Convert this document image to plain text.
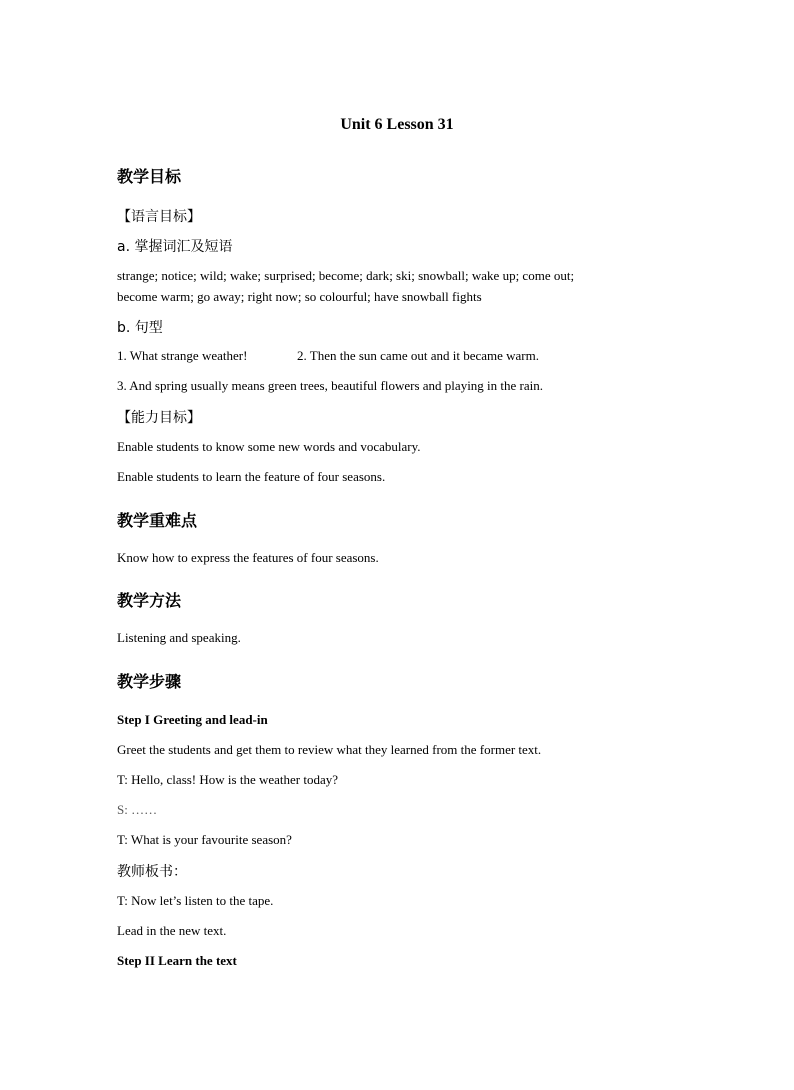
Unit 6 Lesson 31
教学目标
【语言目标】
a. 掌握词汇及短语
strange; notice; wild; wake; surprised; become; dark; ski; snowball; wake up; come out;
become warm; go away; right now; so colourful; have snowball fights
b. 句型
1. What strange weather!	2. Then the sun came out and it became warm.
3. And spring usually means green trees, beautiful flowers and playing in the rain.
【能力目标】
Enable students to know some new words and vocabulary.
Enable students to learn the feature of four seasons.
教学重难点
Know how to express the features of four seasons.
教学方法
Listening and speaking.
教学步骤
Step I Greeting and lead-in
Greet the students and get them to review what they learned from the former text.
T: Hello, class! How is the weather today?
S: ……
T: What is your favourite season?
教师板书：
T: Now let’s listen to the tape.
Lead in the new text.
Step II Learn the text
